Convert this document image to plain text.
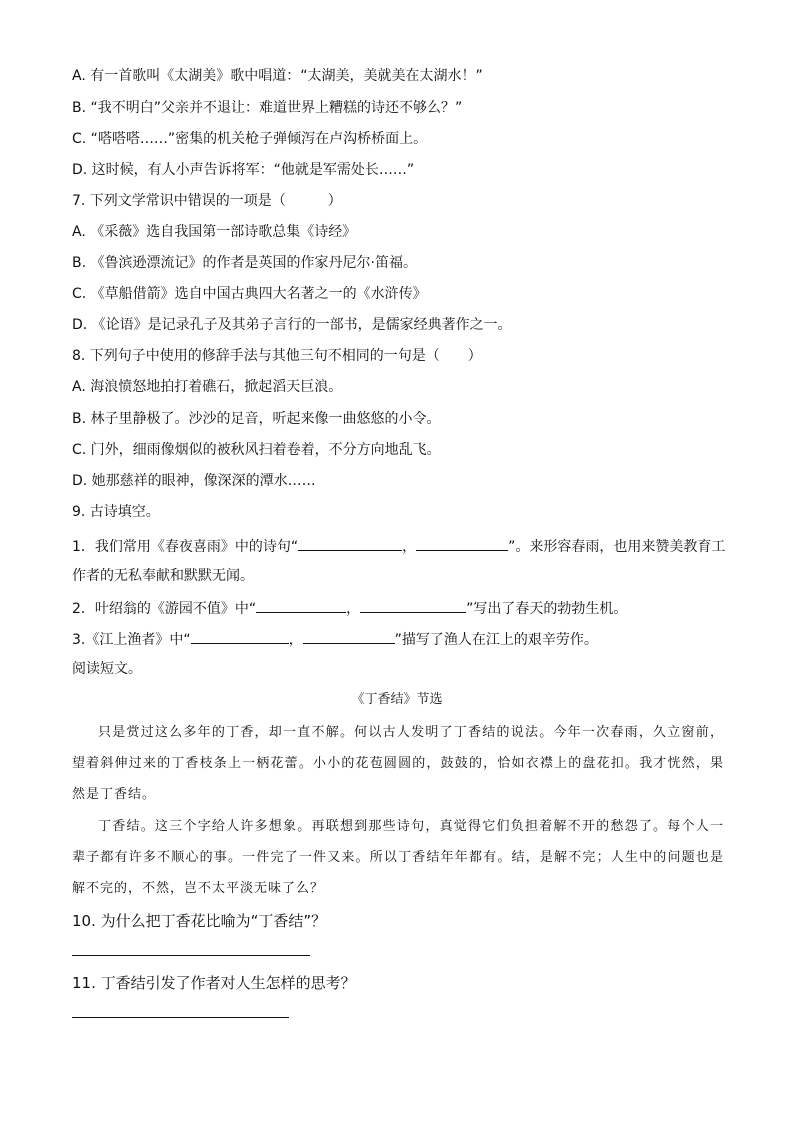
A. 有一首歌叫《太湖美》歌中唱道：“太湖美，美就美在太湖水！”
B. “我不明白”父亲并不退让：难道世界上糟糕的诗还不够么？”
C. “嗒嗒嗒……”密集的机关枪子弹倾泻在卢沟桥桥面上。
D. 这时候，有人小声告诉将军：“他就是军需处长……”
7. 下列文学常识中错误的一项是（　　　）
A. 《采薇》选自我国第一部诗歌总集《诗经》
B. 《鲁滨逊漂流记》的作者是英国的作家丹尼尔·笛福。
C. 《草船借箭》选自中国古典四大名著之一的《水浒传》
D. 《论语》是记录孔子及其弟子言行的一部书，是儒家经典著作之一。
8. 下列句子中使用的修辞手法与其他三句不相同的一句是（　　）
A. 海浪愤怒地拍打着礁石，掀起滔天巨浪。
B. 林子里静极了。沙沙的足音，听起来像一曲悠悠的小令。
C. 门外，细雨像烟似的被秋风扫着卷着，不分方向地乱飞。
D. 她那慈祥的眼神，像深深的潭水……
9. 古诗填空。
1．我们常用《春夜喜雨》中的诗句“	，	”。来形容春雨，也用来赞美教育工
作者的无私奉献和默默无闻。
2．叶绍翁的《游园不值》中“	，	”写出了春天的勃勃生机。
3.《江上渔者》中“	，	”描写了渔人在江上的艰辛劳作。
阅读短文。
《丁香结》节选
只是赏过这么多年的丁香，却一直不解。何以古人发明了丁香结的说法。今年一次春雨，久立窗前，望着斜伸过来的丁香枝条上一柄花蕾。小小的花苞圆圆的，鼓鼓的，恰如衣襟上的盘花扣。我才恍然，果然是丁香结。
丁香结。这三个字给人许多想象。再联想到那些诗句，真觉得它们负担着解不开的愁怨了。每个人一辈子都有许多不顺心的事。一件完了一件又来。所以丁香结年年都有。结，是解不完；人生中的问题也是解不完的，不然，岂不太平淡无味了么？
10. 为什么把丁香花比喻为“丁香结”？
11. 丁香结引发了作者对人生怎样的思考？
